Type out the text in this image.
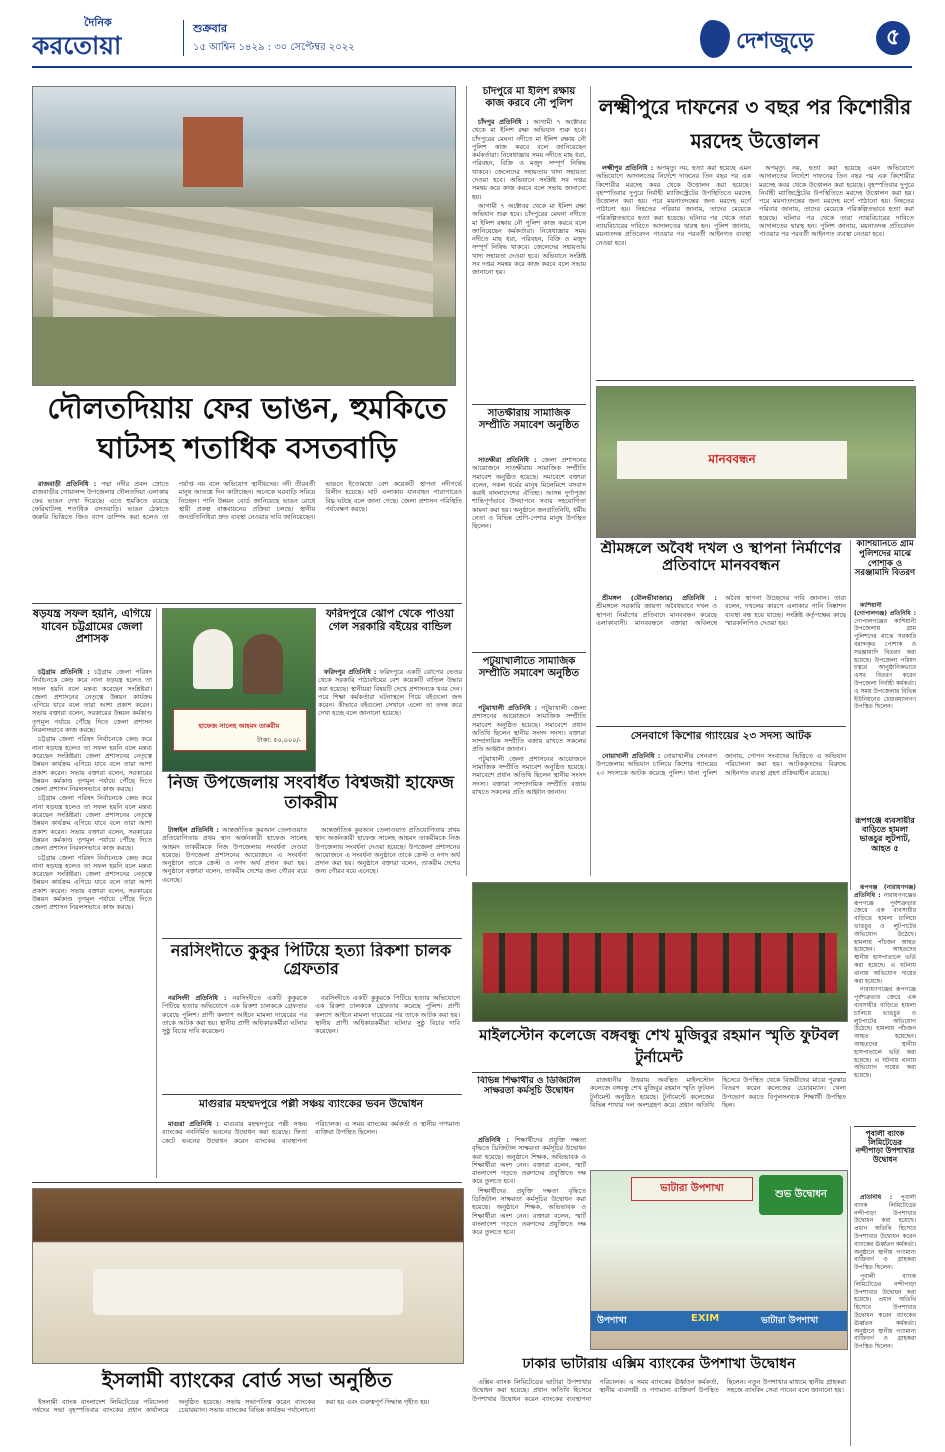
দৈনিক
করতোয়া
শুক্রবার
১৫ আশ্বিন ১৪২৯ : ৩০ সেপ্টেম্বর ২০২২	দেশজুড়ে	৫
দৌলতদিয়ায় ফের ভাঙন, হুমকিতে ঘাটসহ শতাধিক বসতবাড়ি

রাজবাড়ী প্রতিনিধি : পদ্মা নদীর প্রবল স্রোতে রাজবাড়ীর গোয়ালন্দ উপজেলার দৌলতদিয়া এলাকায় ফের ভাঙন দেখা দিয়েছে। এতে হুমকিতে রয়েছে ফেরিঘাটসহ শতাধিক বসতবাড়ি। ভাঙন ঠেকাতে জরুরি ভিত্তিতে জিও ব্যাগ ডাম্পিং করা হলেও তা পর্যাপ্ত নয় বলে অভিযোগ স্থানীয়দের। নদী তীরবর্তী মানুষ আতঙ্কে দিন কাটাচ্ছেন। অনেকে ঘরবাড়ি সরিয়ে নিচ্ছেন। পানি উন্নয়ন বোর্ড জানিয়েছে ভাঙন রোধে স্থায়ী প্রকল্প বাস্তবায়নের প্রক্রিয়া চলছে। স্থানীয় জনপ্রতিনিধিরা দ্রুত ব্যবস্থা নেওয়ার দাবি জানিয়েছেন। ভাঙনে ইতোমধ্যে বেশ কয়েকটি স্থাপনা নদীগর্ভে বিলীন হয়েছে। ঘাট এলাকায় যানবাহন পারাপারেও বিঘ্ন ঘটছে বলে জানা গেছে। জেলা প্রশাসন পরিস্থিতি পর্যবেক্ষণ করছে।

ষড়যন্ত্র সফল হয়নি, এগিয়ে যাবেন চট্টগ্রামের জেলা প্রশাসক

চট্টগ্রাম প্রতিনিধি : চট্টগ্রাম জেলা পরিষদ নির্বাচনকে কেন্দ্র করে নানা ষড়যন্ত্র হলেও তা সফল হয়নি বলে মন্তব্য করেছেন সংশ্লিষ্টরা। জেলা প্রশাসনের নেতৃত্বে উন্নয়ন কার্যক্রম এগিয়ে যাবে বলে তারা আশা প্রকাশ করেন। সভায় বক্তারা বলেন, সরকারের উন্নয়ন কর্মকাণ্ড তৃণমূল পর্যায়ে পৌঁছে দিতে জেলা প্রশাসন নিরলসভাবে কাজ করছে।

চট্টগ্রাম জেলা পরিষদ নির্বাচনকে কেন্দ্র করে নানা ষড়যন্ত্র হলেও তা সফল হয়নি বলে মন্তব্য করেছেন সংশ্লিষ্টরা। জেলা প্রশাসনের নেতৃত্বে উন্নয়ন কার্যক্রম এগিয়ে যাবে বলে তারা আশা প্রকাশ করেন। সভায় বক্তারা বলেন, সরকারের উন্নয়ন কর্মকাণ্ড তৃণমূল পর্যায়ে পৌঁছে দিতে জেলা প্রশাসন নিরলসভাবে কাজ করছে।

চট্টগ্রাম জেলা পরিষদ নির্বাচনকে কেন্দ্র করে নানা ষড়যন্ত্র হলেও তা সফল হয়নি বলে মন্তব্য করেছেন সংশ্লিষ্টরা। জেলা প্রশাসনের নেতৃত্বে উন্নয়ন কার্যক্রম এগিয়ে যাবে বলে তারা আশা প্রকাশ করেন। সভায় বক্তারা বলেন, সরকারের উন্নয়ন কর্মকাণ্ড তৃণমূল পর্যায়ে পৌঁছে দিতে জেলা প্রশাসন নিরলসভাবে কাজ করছে।

চট্টগ্রাম জেলা পরিষদ নির্বাচনকে কেন্দ্র করে নানা ষড়যন্ত্র হলেও তা সফল হয়নি বলে মন্তব্য করেছেন সংশ্লিষ্টরা। জেলা প্রশাসনের নেতৃত্বে উন্নয়ন কার্যক্রম এগিয়ে যাবে বলে তারা আশা প্রকাশ করেন। সভায় বক্তারা বলেন, সরকারের উন্নয়ন কর্মকাণ্ড তৃণমূল পর্যায়ে পৌঁছে দিতে জেলা প্রশাসন নিরলসভাবে কাজ করছে।

হাফেজ সালেহ আহমদ তাকরীম
টাকা: ৫০,০০০/-
নিজ উপজেলায় সংবর্ধিত বিশ্বজয়ী হাফেজ তাকরীম

টাঙ্গাইল প্রতিনিধি : আন্তর্জাতিক কুরআন তেলাওয়াত প্রতিযোগিতায় প্রথম স্থান অর্জনকারী হাফেজ সালেহ আহমদ তাকরীমকে নিজ উপজেলায় সংবর্ধনা দেওয়া হয়েছে। উপজেলা প্রশাসনের আয়োজনে এ সংবর্ধনা অনুষ্ঠানে তাকে ক্রেস্ট ও নগদ অর্থ প্রদান করা হয়। অনুষ্ঠানে বক্তারা বলেন, তাকরীম দেশের জন্য গৌরব বয়ে এনেছে।

আন্তর্জাতিক কুরআন তেলাওয়াত প্রতিযোগিতায় প্রথম স্থান অর্জনকারী হাফেজ সালেহ আহমদ তাকরীমকে নিজ উপজেলায় সংবর্ধনা দেওয়া হয়েছে। উপজেলা প্রশাসনের আয়োজনে এ সংবর্ধনা অনুষ্ঠানে তাকে ক্রেস্ট ও নগদ অর্থ প্রদান করা হয়। অনুষ্ঠানে বক্তারা বলেন, তাকরীম দেশের জন্য গৌরব বয়ে এনেছে।

ফরিদপুরে ঝোপ থেকে পাওয়া গেল সরকারি বইয়ের বান্ডিল

ফরিদপুর প্রতিনিধি : ফরিদপুরে একটি ঝোপের ভেতর থেকে সরকারি পাঠ্যবইয়ের বেশ কয়েকটি বান্ডিল উদ্ধার করা হয়েছে। স্থানীয়রা বিষয়টি দেখে প্রশাসনকে খবর দেন। পরে শিক্ষা কর্মকর্তারা ঘটনাস্থলে গিয়ে বইগুলো জব্দ করেন। কীভাবে বইগুলো সেখানে এলো তা তদন্ত করে দেখা হচ্ছে বলে জানানো হয়েছে।

নরসিংদীতে কুকুর পিটিয়ে হত্যা রিকশা চালক গ্রেফতার

নরসিংদী প্রতিনিধি : নরসিংদীতে একটি কুকুরকে পিটিয়ে হত্যার অভিযোগে এক রিকশা চালককে গ্রেফতার করেছে পুলিশ। প্রাণী কল্যাণ আইনে মামলা দায়েরের পর তাকে আটক করা হয়। স্থানীয় প্রাণী অধিকারকর্মীরা ঘটনার সুষ্ঠু বিচার দাবি করেছেন।

নরসিংদীতে একটি কুকুরকে পিটিয়ে হত্যার অভিযোগে এক রিকশা চালককে গ্রেফতার করেছে পুলিশ। প্রাণী কল্যাণ আইনে মামলা দায়েরের পর তাকে আটক করা হয়। স্থানীয় প্রাণী অধিকারকর্মীরা ঘটনার সুষ্ঠু বিচার দাবি করেছেন।

মাগুরার মহম্মদপুরে পল্লী সঞ্চয় ব্যাংকের ভবন উদ্বোধন

মাগুরা প্রতিনিধি : মাগুরার মহম্মদপুরে পল্লী সঞ্চয় ব্যাংকের নবনির্মিত ভবনের উদ্বোধন করা হয়েছে। ফিতা কেটে ভবনের উদ্বোধন করেন ব্যাংকের ব্যবস্থাপনা পরিচালক। এ সময় ব্যাংকের কর্মকর্তা ও স্থানীয় গণ্যমান্য ব্যক্তিরা উপস্থিত ছিলেন।

ইসলামী ব্যাংকের বোর্ড সভা অনুষ্ঠিত

ইসলামী ব্যাংক বাংলাদেশ লিমিটেডের পরিচালনা পর্ষদের সভা বৃহস্পতিবার ব্যাংকের প্রধান কার্যালয়ে অনুষ্ঠিত হয়েছে। সভায় সভাপতিত্ব করেন ব্যাংকের চেয়ারম্যান। সভায় ব্যাংকের বিভিন্ন কার্যক্রম পর্যালোচনা করা হয় এবং গুরুত্বপূর্ণ সিদ্ধান্ত গৃহীত হয়।

চাঁদপুরে মা ইলিশ রক্ষায় কাজ করবে নৌ পুলিশ

চাঁদপুর প্রতিনিধি : আগামী ৭ অক্টোবর থেকে মা ইলিশ রক্ষা অভিযান শুরু হবে। চাঁদপুরের মেঘনা নদীতে মা ইলিশ রক্ষায় নৌ পুলিশ কাজ করবে বলে জানিয়েছেন কর্মকর্তারা। নিষেধাজ্ঞার সময় নদীতে মাছ ধরা, পরিবহন, বিক্রি ও মজুদ সম্পূর্ণ নিষিদ্ধ থাকবে। জেলেদের সহায়তায় খাদ্য সহায়তা দেওয়া হবে। অভিযানে সংশ্লিষ্ট সব দপ্তর সমন্বয় করে কাজ করবে বলে সভায় জানানো হয়।

আগামী ৭ অক্টোবর থেকে মা ইলিশ রক্ষা অভিযান শুরু হবে। চাঁদপুরের মেঘনা নদীতে মা ইলিশ রক্ষায় নৌ পুলিশ কাজ করবে বলে জানিয়েছেন কর্মকর্তারা। নিষেধাজ্ঞার সময় নদীতে মাছ ধরা, পরিবহন, বিক্রি ও মজুদ সম্পূর্ণ নিষিদ্ধ থাকবে। জেলেদের সহায়তায় খাদ্য সহায়তা দেওয়া হবে। অভিযানে সংশ্লিষ্ট সব দপ্তর সমন্বয় করে কাজ করবে বলে সভায় জানানো হয়।

সাতক্ষীরায় সামাজিক সম্প্রীতি সমাবেশ অনুষ্ঠিত

সাতক্ষীরা প্রতিনিধি : জেলা প্রশাসনের আয়োজনে সাতক্ষীরায় সামাজিক সম্প্রীতি সমাবেশ অনুষ্ঠিত হয়েছে। সমাবেশে বক্তারা বলেন, সকল ধর্মের মানুষ মিলেমিশে বসবাস করাই বাংলাদেশের ঐতিহ্য। আসন্ন দুর্গাপূজা শান্তিপূর্ণভাবে উদযাপনে সবার সহযোগিতা কামনা করা হয়। অনুষ্ঠানে জনপ্রতিনিধি, ধর্মীয় নেতা ও বিভিন্ন শ্রেণি-পেশার মানুষ উপস্থিত ছিলেন।

পটুয়াখালীতে সামাজিক সম্প্রীতি সমাবেশ অনুষ্ঠিত

পটুয়াখালী প্রতিনিধি : পটুয়াখালী জেলা প্রশাসনের আয়োজনে সামাজিক সম্প্রীতি সমাবেশ অনুষ্ঠিত হয়েছে। সমাবেশে প্রধান অতিথি ছিলেন স্থানীয় সংসদ সদস্য। বক্তারা সাম্প্রদায়িক সম্প্রীতি বজায় রাখতে সকলের প্রতি আহ্বান জানান।

পটুয়াখালী জেলা প্রশাসনের আয়োজনে সামাজিক সম্প্রীতি সমাবেশ অনুষ্ঠিত হয়েছে। সমাবেশে প্রধান অতিথি ছিলেন স্থানীয় সংসদ সদস্য। বক্তারা সাম্প্রদায়িক সম্প্রীতি বজায় রাখতে সকলের প্রতি আহ্বান জানান।

লক্ষ্মীপুরে দাফনের ৩ বছর পর কিশোরীর মরদেহ উত্তোলন

লক্ষ্মীপুর প্রতিনিধি : অপমৃত্যু নয়, হত্যা করা হয়েছে এমন অভিযোগে আদালতের নির্দেশে দাফনের তিন বছর পর এক কিশোরীর মরদেহ কবর থেকে উত্তোলন করা হয়েছে। বৃহস্পতিবার দুপুরে নির্বাহী ম্যাজিস্ট্রেটের উপস্থিতিতে মরদেহ উত্তোলন করা হয়। পরে ময়নাতদন্তের জন্য মরদেহ মর্গে পাঠানো হয়। নিহতের পরিবার জানায়, তাদের মেয়েকে পরিকল্পিতভাবে হত্যা করা হয়েছে। ঘটনার পর থেকে তারা ন্যায়বিচারের দাবিতে আদালতের দ্বারস্থ হন। পুলিশ জানায়, ময়নাতদন্ত প্রতিবেদন পাওয়ার পর পরবর্তী আইনগত ব্যবস্থা নেওয়া হবে।

অপমৃত্যু নয়, হত্যা করা হয়েছে এমন অভিযোগে আদালতের নির্দেশে দাফনের তিন বছর পর এক কিশোরীর মরদেহ কবর থেকে উত্তোলন করা হয়েছে। বৃহস্পতিবার দুপুরে নির্বাহী ম্যাজিস্ট্রেটের উপস্থিতিতে মরদেহ উত্তোলন করা হয়। পরে ময়নাতদন্তের জন্য মরদেহ মর্গে পাঠানো হয়। নিহতের পরিবার জানায়, তাদের মেয়েকে পরিকল্পিতভাবে হত্যা করা হয়েছে। ঘটনার পর থেকে তারা ন্যায়বিচারের দাবিতে আদালতের দ্বারস্থ হন। পুলিশ জানায়, ময়নাতদন্ত প্রতিবেদন পাওয়ার পর পরবর্তী আইনগত ব্যবস্থা নেওয়া হবে।

মানববন্ধন
শ্রীমঙ্গলে অবৈধ দখল ও স্থাপনা নির্মাণের প্রতিবাদে মানববন্ধন

শ্রীমঙ্গল (মৌলভীবাজার) প্রতিনিধি : শ্রীমঙ্গলে সরকারি জায়গা অবৈধভাবে দখল ও স্থাপনা নির্মাণের প্রতিবাদে মানববন্ধন করেছে এলাকাবাসী। মানববন্ধনে বক্তারা অবিলম্বে অবৈধ স্থাপনা উচ্ছেদের দাবি জানান। তারা বলেন, দখলের কারণে এলাকার পানি নিষ্কাশন ব্যবস্থা বন্ধ হয়ে যাচ্ছে। সংশ্লিষ্ট কর্তৃপক্ষের কাছে স্মারকলিপিও দেওয়া হয়।

কাশিয়ানিতে গ্রাম পুলিশদের মাঝে পোশাক ও সরঞ্জামাদি বিতরণ

কাশিয়ানী (গোপালগঞ্জ) প্রতিনিধি : গোপালগঞ্জের কাশিয়ানী উপজেলায় গ্রাম পুলিশদের মাঝে সরকারি বরাদ্দকৃত পোশাক ও সরঞ্জামাদি বিতরণ করা হয়েছে। উপজেলা পরিষদ চত্বরে আনুষ্ঠানিকভাবে এসব বিতরণ করেন উপজেলা নির্বাহী কর্মকর্তা। এ সময় উপজেলার বিভিন্ন ইউনিয়নের চেয়ারম্যানগণ উপস্থিত ছিলেন।

সেনবাগে কিশোর গ্যাংয়ের ২৩ সদস্য আটক

নোয়াখালী প্রতিনিধি : নোয়াখালীর সেনবাগ উপজেলায় অভিযান চালিয়ে কিশোর গ্যাংয়ের ২৩ সদস্যকে আটক করেছে পুলিশ। থানা পুলিশ জানায়, গোপন সংবাদের ভিত্তিতে এ অভিযান পরিচালনা করা হয়। আটককৃতদের বিরুদ্ধে আইনগত ব্যবস্থা গ্রহণ প্রক্রিয়াধীন রয়েছে।

মাইলস্টোন কলেজে বঙ্গবন্ধু শেখ মুজিবুর রহমান স্মৃতি ফুটবল টুর্নামেন্ট
রূপগঞ্জে ব্যবসায়ীর বাড়িতে হামলা ভাঙচুর লুটপাট, আহত ৫

রূপগঞ্জ (নারায়ণগঞ্জ) প্রতিনিধি : নারায়ণগঞ্জের রূপগঞ্জে পূর্বশত্রুতার জেরে এক ব্যবসায়ীর বাড়িতে হামলা চালিয়ে ভাঙচুর ও লুটপাটের অভিযোগ উঠেছে। হামলায় পাঁচজন আহত হয়েছেন। আহতদের স্থানীয় হাসপাতালে ভর্তি করা হয়েছে। এ ঘটনায় থানায় অভিযোগ দায়ের করা হয়েছে।

নারায়ণগঞ্জের রূপগঞ্জে পূর্বশত্রুতার জেরে এক ব্যবসায়ীর বাড়িতে হামলা চালিয়ে ভাঙচুর ও লুটপাটের অভিযোগ উঠেছে। হামলায় পাঁচজন আহত হয়েছেন। আহতদের স্থানীয় হাসপাতালে ভর্তি করা হয়েছে। এ ঘটনায় থানায় অভিযোগ দায়ের করা হয়েছে।

বিভিন্ন শিক্ষার্থীর ও ডিজিটাল সাক্ষরতা কর্মসূচি উদ্বোধন

প্রতিনিধি : শিক্ষার্থীদের প্রযুক্তি দক্ষতা বৃদ্ধিতে ডিজিটাল সাক্ষরতা কর্মসূচির উদ্বোধন করা হয়েছে। অনুষ্ঠানে শিক্ষক, অভিভাবক ও শিক্ষার্থীরা অংশ নেন। বক্তারা বলেন, স্মার্ট বাংলাদেশ গড়তে তরুণদের প্রযুক্তিতে দক্ষ করে তুলতে হবে।

শিক্ষার্থীদের প্রযুক্তি দক্ষতা বৃদ্ধিতে ডিজিটাল সাক্ষরতা কর্মসূচির উদ্বোধন করা হয়েছে। অনুষ্ঠানে শিক্ষক, অভিভাবক ও শিক্ষার্থীরা অংশ নেন। বক্তারা বলেন, স্মার্ট বাংলাদেশ গড়তে তরুণদের প্রযুক্তিতে দক্ষ করে তুলতে হবে।

রাজধানীর উত্তরায় অবস্থিত মাইলস্টোন কলেজে বঙ্গবন্ধু শেখ মুজিবুর রহমান স্মৃতি ফুটবল টুর্নামেন্ট অনুষ্ঠিত হয়েছে। টুর্নামেন্টে কলেজের বিভিন্ন শাখার দল অংশগ্রহণ করে। প্রধান অতিথি হিসেবে উপস্থিত থেকে বিজয়ীদের মাঝে পুরস্কার বিতরণ করেন কলেজের চেয়ারম্যান। খেলা উপভোগ করতে বিপুলসংখ্যক শিক্ষার্থী উপস্থিত ছিল।

ভাটারা উপশাখা
শুভ উদ্বোধন
উপশাখা	EXIM	ভাটারা উপশাখা
ঢাকার ভাটারায় এক্সিম ব্যাংকের উপশাখা উদ্বোধন

এক্সিম ব্যাংক লিমিটেডের ভাটারা উপশাখার উদ্বোধন করা হয়েছে। প্রধান অতিথি হিসেবে উপশাখার উদ্বোধন করেন ব্যাংকের ব্যবস্থাপনা পরিচালক। এ সময় ব্যাংকের ঊর্ধ্বতন কর্মকর্তা, স্থানীয় ব্যবসায়ী ও গণ্যমান্য ব্যক্তিবর্গ উপস্থিত ছিলেন। নতুন উপশাখার মাধ্যমে স্থানীয় গ্রাহকরা সহজে ব্যাংকিং সেবা পাবেন বলে জানানো হয়।

পূবালী ব্যাংক লিমিটেডের নন্দীপাড়া উপশাখার উদ্বোধন

প্রতিনিধি : পূবালী ব্যাংক লিমিটেডের নন্দীপাড়া উপশাখার উদ্বোধন করা হয়েছে। প্রধান অতিথি হিসেবে উপশাখার উদ্বোধন করেন ব্যাংকের ঊর্ধ্বতন কর্মকর্তা। অনুষ্ঠানে স্থানীয় গণ্যমান্য ব্যক্তিবর্গ ও গ্রাহকরা উপস্থিত ছিলেন।

পূবালী ব্যাংক লিমিটেডের নন্দীপাড়া উপশাখার উদ্বোধন করা হয়েছে। প্রধান অতিথি হিসেবে উপশাখার উদ্বোধন করেন ব্যাংকের ঊর্ধ্বতন কর্মকর্তা। অনুষ্ঠানে স্থানীয় গণ্যমান্য ব্যক্তিবর্গ ও গ্রাহকরা উপস্থিত ছিলেন।
